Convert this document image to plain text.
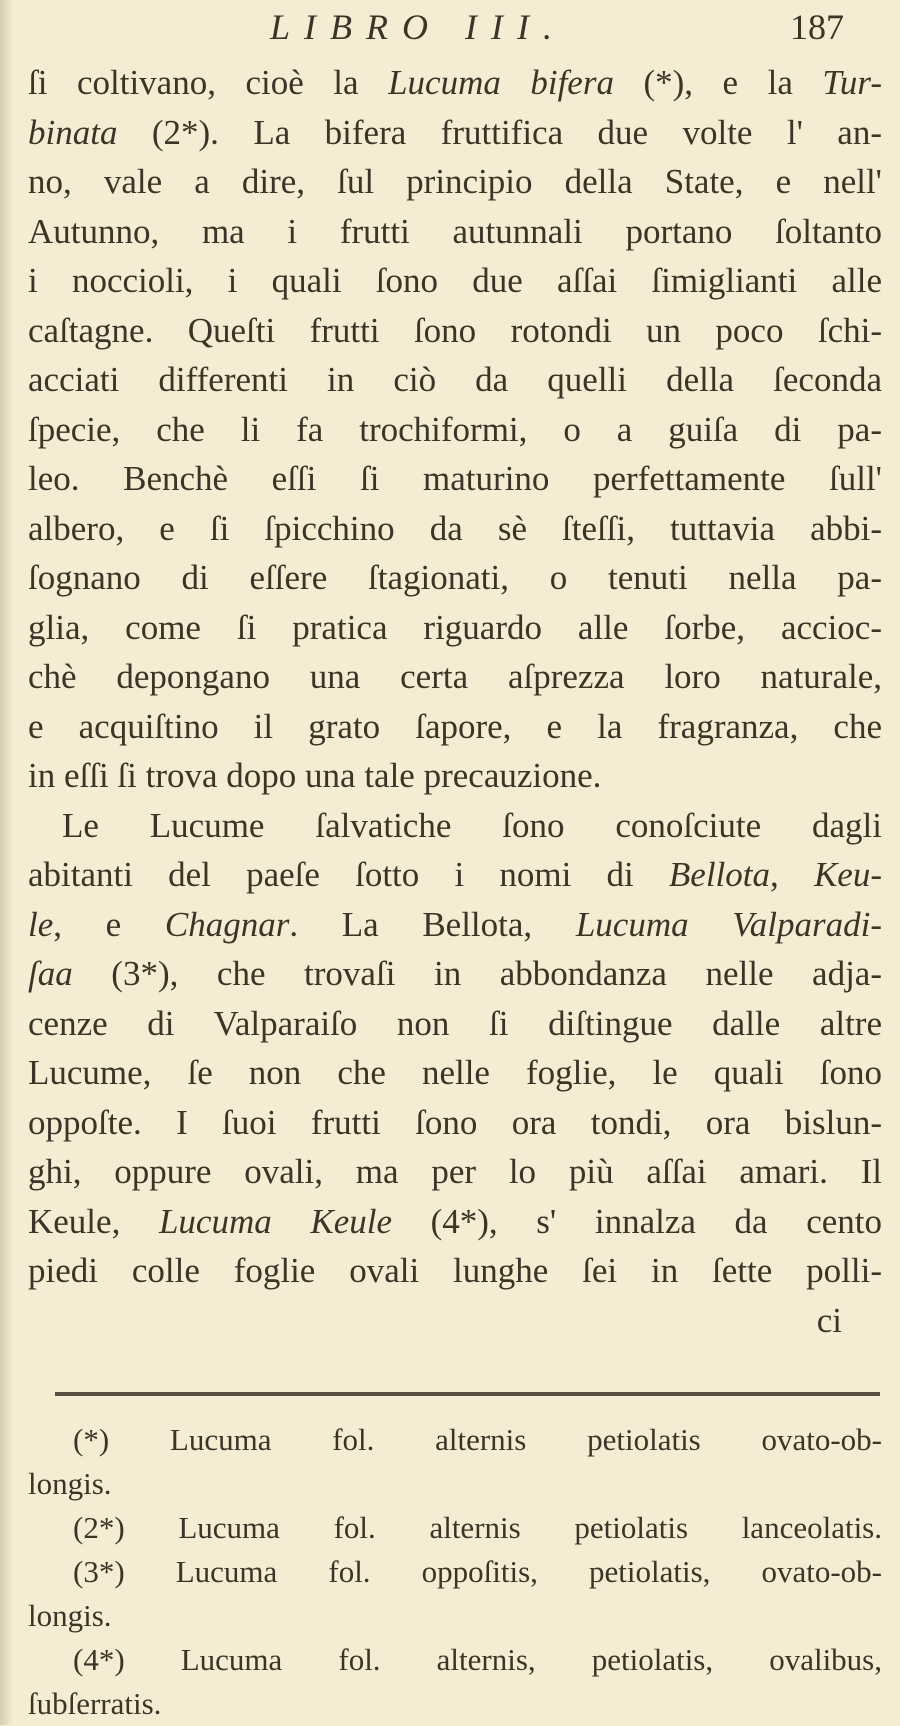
LIBRO III.	187
ſi coltivano, cioè la Lucuma bifera (*), e la Tur-
binata (2*). La bifera fruttifica due volte l' an-
no, vale a dire, ſul principio della State, e nell'
Autunno, ma i frutti autunnali portano ſoltanto
i noccioli, i quali ſono due aſſai ſimiglianti alle
caſtagne. Queſti frutti ſono rotondi un poco ſchi-
acciati differenti in ciò da quelli della ſeconda
ſpecie, che li fa trochiformi, o a guiſa di pa-
leo. Benchè eſſi ſi maturino perfettamente ſull'
albero, e ſi ſpicchino da sè ſteſſi, tuttavia abbi-
ſognano di eſſere ſtagionati, o tenuti nella pa-
glia, come ſi pratica riguardo alle ſorbe, accioc-
chè depongano una certa aſprezza loro naturale,
e acquiſtino il grato ſapore, e la fragranza, che
in eſſi ſi trova dopo una tale precauzione.
Le Lucume ſalvatiche ſono conoſciute dagli
abitanti del paeſe ſotto i nomi di Bellota, Keu-
le, e Chagnar. La Bellota, Lucuma Valparadi-
ſaa (3*), che trovaſi in abbondanza nelle adja-
cenze di Valparaiſo non ſi diſtingue dalle altre
Lucume, ſe non che nelle foglie, le quali ſono
oppoſte. I ſuoi frutti ſono ora tondi, ora bislun-
ghi, oppure ovali, ma per lo più aſſai amari. Il
Keule, Lucuma Keule (4*), s' innalza da cento
piedi colle foglie ovali lunghe ſei in ſette polli-
ci
(*) Lucuma fol. alternis petiolatis ovato-ob-
longis.
(2*) Lucuma fol. alternis petiolatis lanceolatis.
(3*) Lucuma fol. oppoſitis, petiolatis, ovato-ob-
longis.
(4*) Lucuma fol. alternis, petiolatis, ovalibus,
ſubſerratis.
